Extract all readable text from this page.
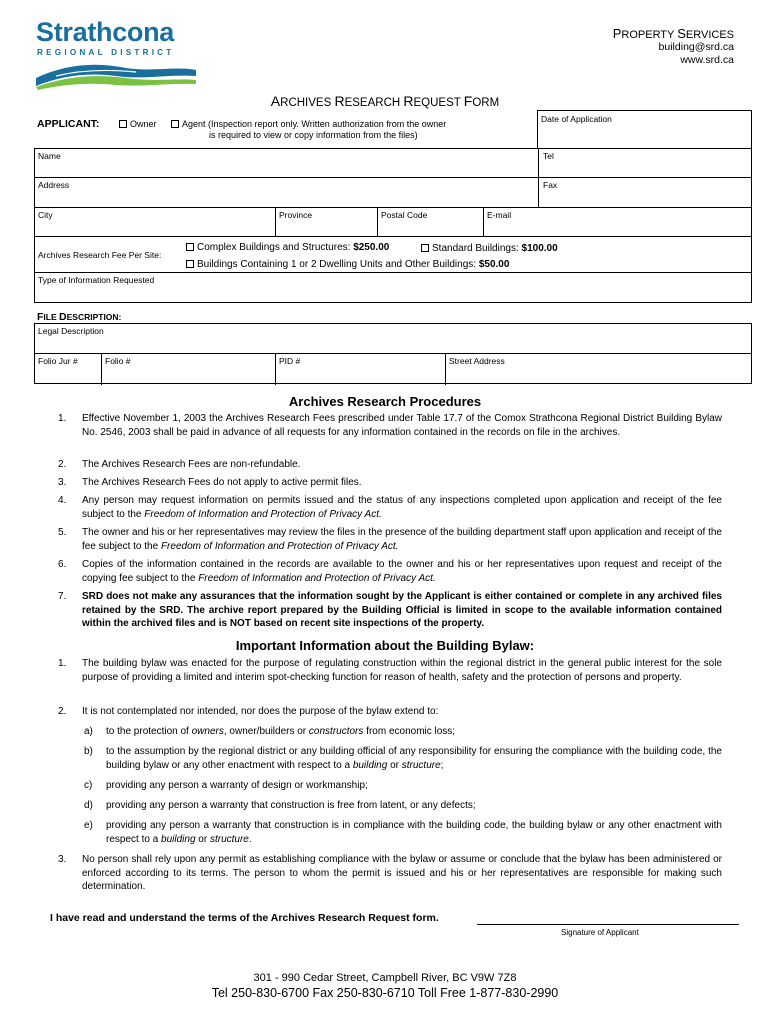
Strathcona
REGIONAL DISTRICT
PROPERTY SERVICES
building@srd.ca
www.srd.ca
ARCHIVES RESEARCH REQUEST FORM
APPLICANT:	Owner	Agent (Inspection report only. Written authorization from the owner
is required to view or copy information from the files)
Date of Application
Name	Tel
Address	Fax
City	Province	Postal Code	E-mail
Archives Research Fee Per Site:
Complex Buildings and Structures: $250.00	Standard Buildings: $100.00
Buildings Containing 1 or 2 Dwelling Units and Other Buildings: $50.00
Type of Information Requested
FILE DESCRIPTION:
Legal Description
Folio Jur #	Folio #	PID #	Street Address
Archives Research Procedures
1. Effective November 1, 2003 the Archives Research Fees prescribed under Table 17.7 of the Comox Strathcona Regional District Building Bylaw No. 2546, 2003 shall be paid in advance of all requests for any information contained in the records on file in the archives.
2. The Archives Research Fees are non-refundable.
3. The Archives Research Fees do not apply to active permit files.
4. Any person may request information on permits issued and the status of any inspections completed upon application and receipt of the fee subject to the Freedom of Information and Protection of Privacy Act.
5. The owner and his or her representatives may review the files in the presence of the building department staff upon application and receipt of the fee subject to the Freedom of Information and Protection of Privacy Act.
6. Copies of the information contained in the records are available to the owner and his or her representatives upon request and receipt of the copying fee subject to the Freedom of Information and Protection of Privacy Act.
7. SRD does not make any assurances that the information sought by the Applicant is either contained or complete in any archived files retained by the SRD. The archive report prepared by the Building Official is limited in scope to the available information contained within the archived files and is NOT based on recent site inspections of the property.
Important Information about the Building Bylaw:
1. The building bylaw was enacted for the purpose of regulating construction within the regional district in the general public interest for the sole purpose of providing a limited and interim spot-checking function for reason of health, safety and the protection of persons and property.
2. It is not contemplated nor intended, nor does the purpose of the bylaw extend to:
a) to the protection of owners, owner/builders or constructors from economic loss;
b) to the assumption by the regional district or any building official of any responsibility for ensuring the compliance with the building code, the building bylaw or any other enactment with respect to a building or structure;
c) providing any person a warranty of design or workmanship;
d) providing any person a warranty that construction is free from latent, or any defects;
e) providing any person a warranty that construction is in compliance with the building code, the building bylaw or any other enactment with respect to a building or structure.
3. No person shall rely upon any permit as establishing compliance with the bylaw or assume or conclude that the bylaw has been administered or enforced according to its terms. The person to whom the permit is issued and his or her representatives are responsible for making such determination.
I have read and understand the terms of the Archives Research Request form.
Signature of Applicant
301 - 990 Cedar Street, Campbell River, BC V9W 7Z8
Tel 250-830-6700 Fax 250-830-6710 Toll Free 1-877-830-2990
